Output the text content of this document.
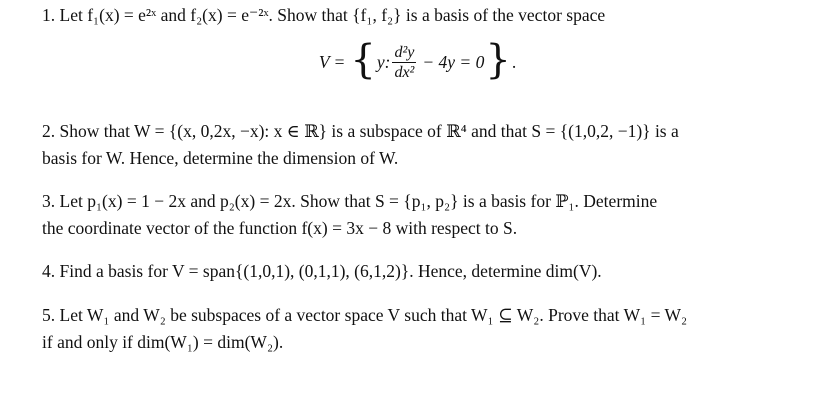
1. Let f₁(x) = e²ˣ and f₂(x) = e⁻²ˣ. Show that {f₁, f₂} is a basis of the vector space
V = { y: $\frac{\text{d²y}}{\text{dx²}} - 4y = 0$ } .
2. Show that W = {(x, 0,2x, −x): x ∈ ℝ} is a subspace of ℝ⁴ and that S = {(1,0,2, −1)} is a
basis for W. Hence, determine the dimension of W.
3. Let p₁(x) = 1 − 2x and p₂(x) = 2x. Show that S = {p₁, p₂} is a basis for ℙ₁. Determine
the coordinate vector of the function f(x) = 3x − 8 with respect to S.
4. Find a basis for V = span{(1,0,1), (0,1,1), (6,1,2)}. Hence, determine dim(V).
5. Let W₁ and W₂ be subspaces of a vector space V such that W₁ ⊆ W₂. Prove that W₁ = W₂
if and only if dim(W₁) = dim(W₂).
